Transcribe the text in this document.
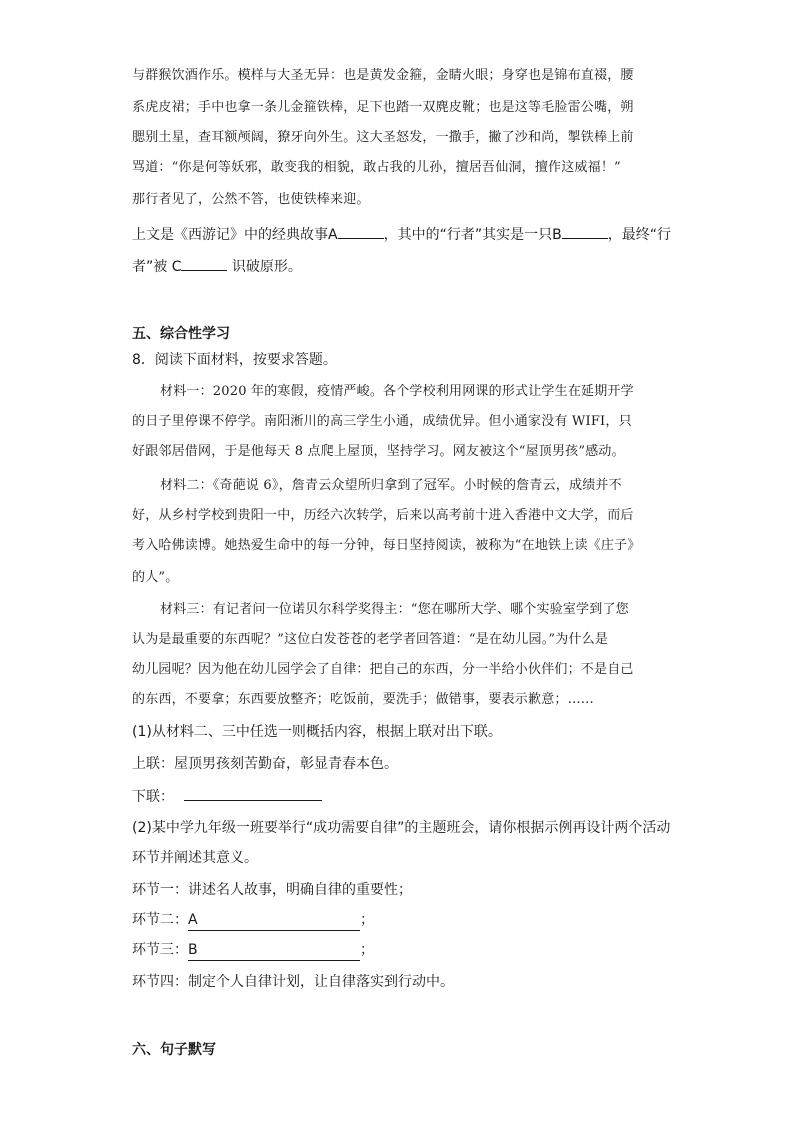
与群猴饮酒作乐。模样与大圣无异：也是黄发金箍，金睛火眼；身穿也是锦布直裰，腰
系虎皮裙；手中也拿一条儿金箍铁棒，足下也踏一双麂皮靴；也是这等毛脸雷公嘴，朔
腮别土星，查耳额颅阔，獠牙向外生。这大圣怒发，一撒手，撇了沙和尚，掣铁棒上前
骂道：“你是何等妖邪，敢变我的相貌，敢占我的儿孙，擅居吾仙洞，擅作这威福！”
那行者见了，公然不答，也使铁棒来迎。
上文是《西游记》中的经典故事A	，其中的“行者”其实是一只B	，最终“行
者”被 C	识破原形。
五、综合性学习
8．阅读下面材料，按要求答题。
材料一：2020 年的寒假，疫情严峻。各个学校利用网课的形式让学生在延期开学
的日子里停课不停学。南阳淅川的高三学生小通，成绩优异。但小通家没有 WIFI，只
好跟邻居借网，于是他每天 8 点爬上屋顶，坚持学习。网友被这个“屋顶男孩”感动。
材料二：《奇葩说 6》，詹青云众望所归拿到了冠军。小时候的詹青云，成绩并不
好，从乡村学校到贵阳一中，历经六次转学，后来以高考前十进入香港中文大学，而后
考入哈佛读博。她热爱生命中的每一分钟，每日坚持阅读，被称为“在地铁上读《庄子》
的人”。
材料三：有记者问一位诺贝尔科学奖得主：“您在哪所大学、哪个实验室学到了您
认为是最重要的东西呢？”这位白发苍苍的老学者回答道：“是在幼儿园。”为什么是
幼儿园呢？因为他在幼儿园学会了自律：把自己的东西，分一半给小伙伴们；不是自己
的东西，不要拿；东西要放整齐；吃饭前，要洗手；做错事，要表示歉意；……
(1)从材料二、三中任选一则概括内容，根据上联对出下联。
上联：屋顶男孩刻苦勤奋，彰显青春本色。
下联：
(2)某中学九年级一班要举行“成功需要自律”的主题班会，请你根据示例再设计两个活动
环节并阐述其意义。
环节一：讲述名人故事，明确自律的重要性；
环节二：A	；
环节三：B	；
环节四：制定个人自律计划，让自律落实到行动中。
六、句子默写
